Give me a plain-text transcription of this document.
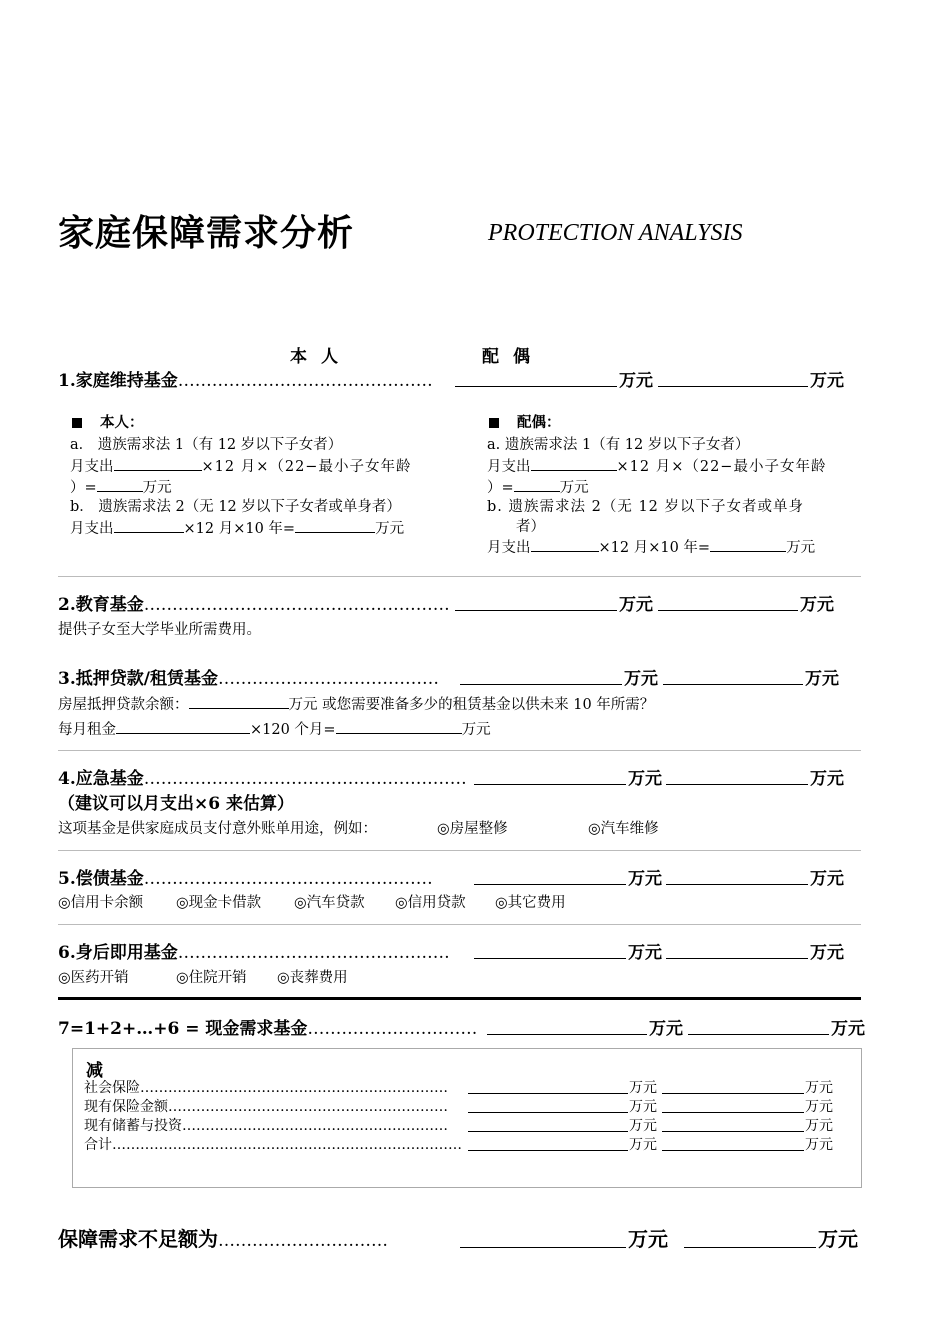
家庭保障需求分析	PROTECTION ANALYSIS
本人	配偶
1.家庭维持基金………………………………………	万元	万元
本人：
a． 遗族需求法 1（有 12 岁以下子女者）
月支出	×12 月×（22−最小子女年龄
）=	万元
b． 遗族需求法 2（无 12 岁以下子女者或单身者）
月支出	×12 月×10 年=	万元
配偶：
a. 遗族需求法 1（有 12 岁以下子女者）
月支出	×12 月×（22−最小子女年龄
）=	万元
b. 遗族需求法 2（无 12 岁以下子女者或单身
者）
月支出	×12 月×10 年=	万元
2.教育基金………………………………………………	万元	万元
提供子女至大学毕业所需费用。
3.抵押贷款/租赁基金…………………………………	万元	万元
房屋抵押贷款余额：	万元 或您需要准备多少的租赁基金以供未来 10 年所需？
每月租金	×120 个月=	万元
4.应急基金…………………………………………………	万元	万元
（建议可以月支出×6 来估算）
这项基金是供家庭成员支付意外账单用途，例如：	◎房屋整修	◎汽车维修
5.偿债基金……………………………………………	万元	万元
◎信用卡余额 ◎现金卡借款 ◎汽车贷款 ◎信用贷款 ◎其它费用
6.身后即用基金…………………………………………	万元	万元
◎医药开销	◎住院开销 ◎丧葬费用
7=1+2+…+6 = 现金需求基金…………………………	万元	万元
减
社会保险…………………………………………………………	万元	万元
现有保险金额……………………………………………………	万元	万元
现有储蓄与投资…………………………………………………	万元	万元
合计…………………………………………………………………	万元	万元
保障需求不足额为…………………………	万元	万元
